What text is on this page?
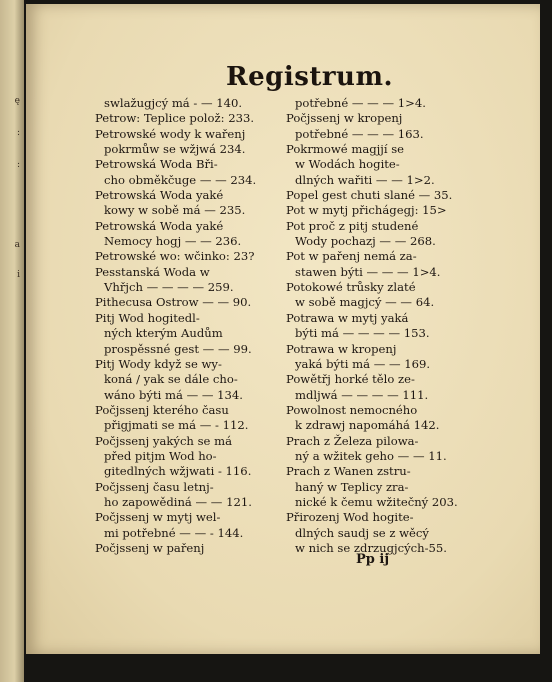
ę
:
:
a
i
Registrum.
swlažugjcý má - — 140.
Petrow: Teplice polož: 233.
Petrowské wody k wařenj
pokrmůw se wžjwá 234.
Petrowská Woda Bři-
cho obměkčuge — — 234.
Petrowská Woda yaké
kowy w sobě má — 235.
Petrowská Woda yaké
Nemocy hogj — — 236.
Petrowské wo: wčinko: 23?
Pesstanská Woda w
Vhřjch — — — — 259.
Pithecusa Ostrow — — 90.
Pitj Wod hogitedl-
ných kterým Audům
prospěssné gest — — 99.
Pitj Wody když se wy-
koná / yak se dále cho-
wáno býti má — — 134.
Počjssenj kterého času
přigjmati se má — - 112.
Počjssenj yakých se má
před pitjm Wod ho-
gitedlných wžjwati - 116.
Počjssenj času letnj-
ho zapowědiná — — 121.
Počjssenj w mytj wel-
mi potřebné — — - 144.
Počjssenj w pařenj
potřebné — — — 1>4.
Počjssenj w kropenj
potřebné — — — 163.
Pokrmowé magjjí se
w Wodách hogite-
dlných wařiti — — 1>2.
Popel gest chuti slané — 35.
Pot w mytj přichágegj: 15>
Pot proč z pitj studené
Wody pochazj — — 268.
Pot w pařenj nemá za-
stawen býti — — — 1>4.
Potokowé trůsky zlaté
w sobě magjcý — — 64.
Potrawa w mytj yaká
býti má — — — — 153.
Potrawa w kropenj
yaká býti má — — 169.
Powětřj horké tělo ze-
mdljwá — — — — 111.
Powolnost nemocného
k zdrawj napomáhá 142.
Prach z Železa pilowa-
ný a wžitek geho — — 11.
Prach z Wanen zstru-
haný w Teplicy zra-
nické k čemu wžitečný 203.
Přirozenj Wod hogite-
dlných saudj se z wěcý
w nich se zdrzugjcých-55.
Pp ij
